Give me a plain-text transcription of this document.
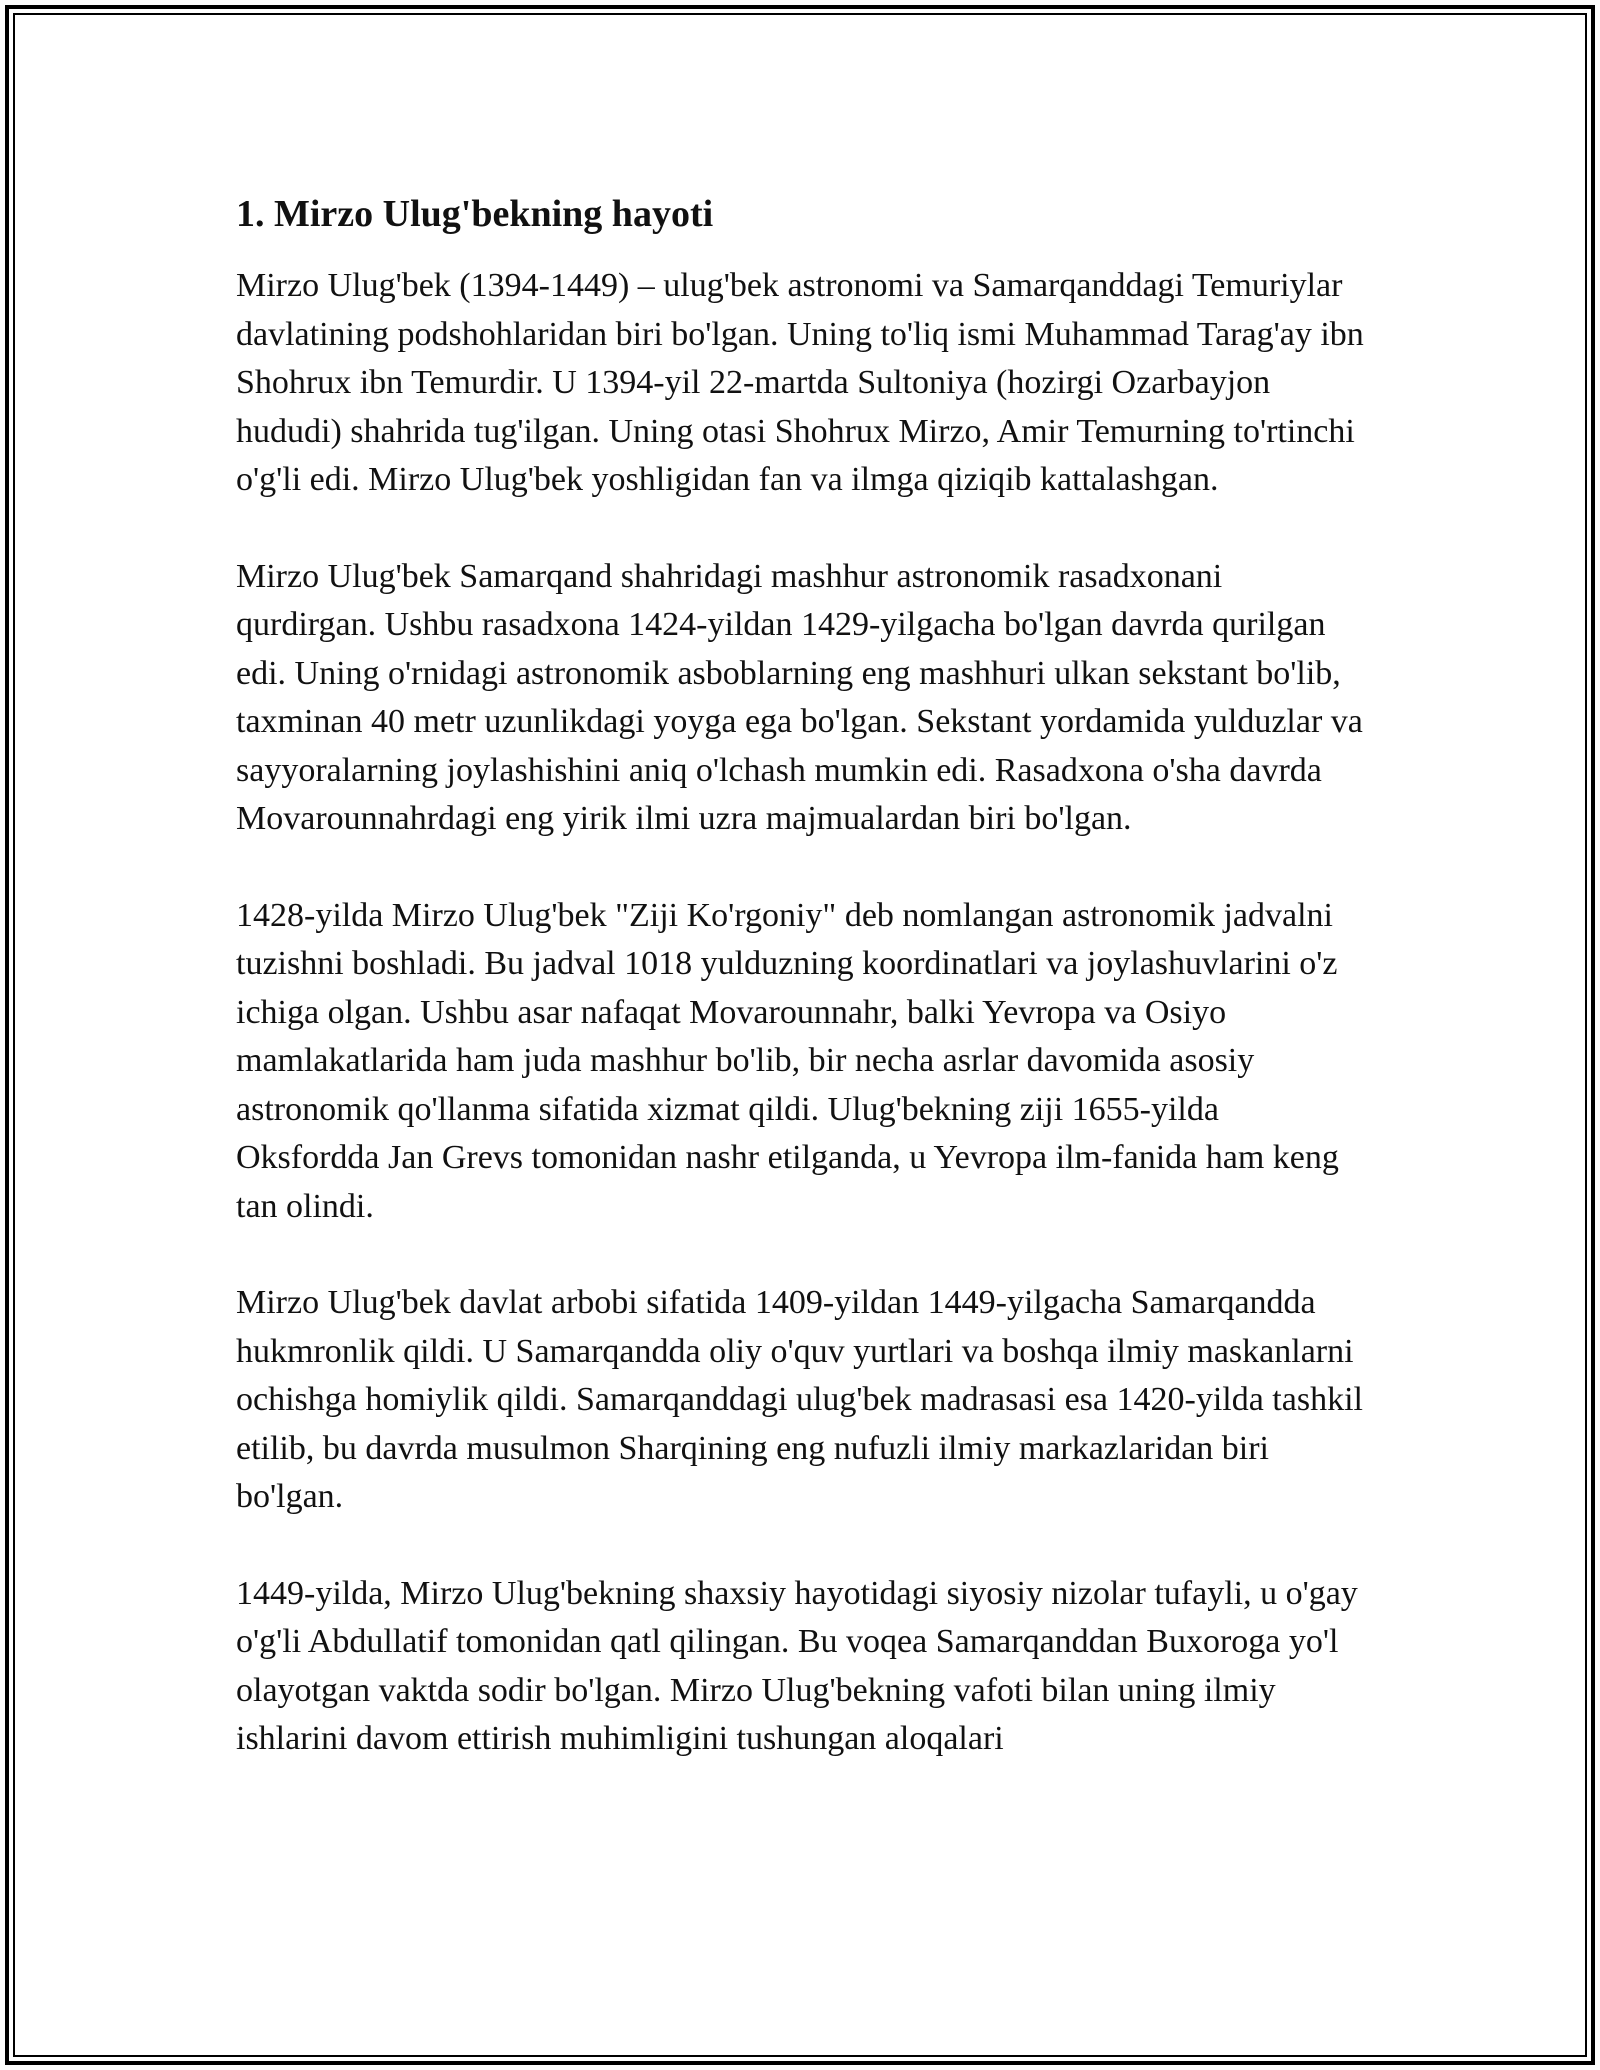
1. Mirzo Ulug'bekning hayoti

Mirzo Ulug'bek (1394-1449) – ulug'bek astronomi va Samarqanddagi Temuriylar davlatining podshohlaridan biri bo'lgan. Uning to'liq ismi Muhammad Tarag'ay ibn Shohrux ibn Temurdir. U 1394-yil 22-martda Sultoniya (hozirgi Ozarbayjon hududi) shahrida tug'ilgan. Uning otasi Shohrux Mirzo, Amir Temurning to'rtinchi o'g'li edi. Mirzo Ulug'bek yoshligidan fan va ilmga qiziqib kattalashgan.

Mirzo Ulug'bek Samarqand shahridagi mashhur astronomik rasadxonani qurdirgan. Ushbu rasadxona 1424-yildan 1429-yilgacha bo'lgan davrda qurilgan edi. Uning o'rnidagi astronomik asboblarning eng mashhuri ulkan sekstant bo'lib, taxminan 40 metr uzunlikdagi yoyga ega bo'lgan. Sekstant yordamida yulduzlar va sayyoralarning joylashishini aniq o'lchash mumkin edi. Rasadxona o'sha davrda Movarounnahrdagi eng yirik ilmi uzra majmualardan biri bo'lgan.

1428-yilda Mirzo Ulug'bek "Ziji Ko'rgoniy" deb nomlangan astronomik jadvalni tuzishni boshladi. Bu jadval 1018 yulduzning koordinatlari va joylashuvlarini o'z ichiga olgan. Ushbu asar nafaqat Movarounnahr, balki Yevropa va Osiyo mamlakatlarida ham juda mashhur bo'lib, bir necha asrlar davomida asosiy astronomik qo'llanma sifatida xizmat qildi. Ulug'bekning ziji 1655-yilda Oksfordda Jan Grevs tomonidan nashr etilganda, u Yevropa ilm-fanida ham keng tan olindi.

Mirzo Ulug'bek davlat arbobi sifatida 1409-yildan 1449-yilgacha Samarqandda hukmronlik qildi. U Samarqandda oliy o'quv yurtlari va boshqa ilmiy maskanlarni ochishga homiylik qildi. Samarqanddagi ulug'bek madrasasi esa 1420-yilda tashkil etilib, bu davrda musulmon Sharqining eng nufuzli ilmiy markazlaridan biri bo'lgan.

1449-yilda, Mirzo Ulug'bekning shaxsiy hayotidagi siyosiy nizolar tufayli, u o'gay o'g'li Abdullatif tomonidan qatl qilingan. Bu voqea Samarqanddan Buxoroga yo'l olayotgan vaktda sodir bo'lgan. Mirzo Ulug'bekning vafoti bilan uning ilmiy ishlarini davom ettirish muhimligini tushungan aloqalari
